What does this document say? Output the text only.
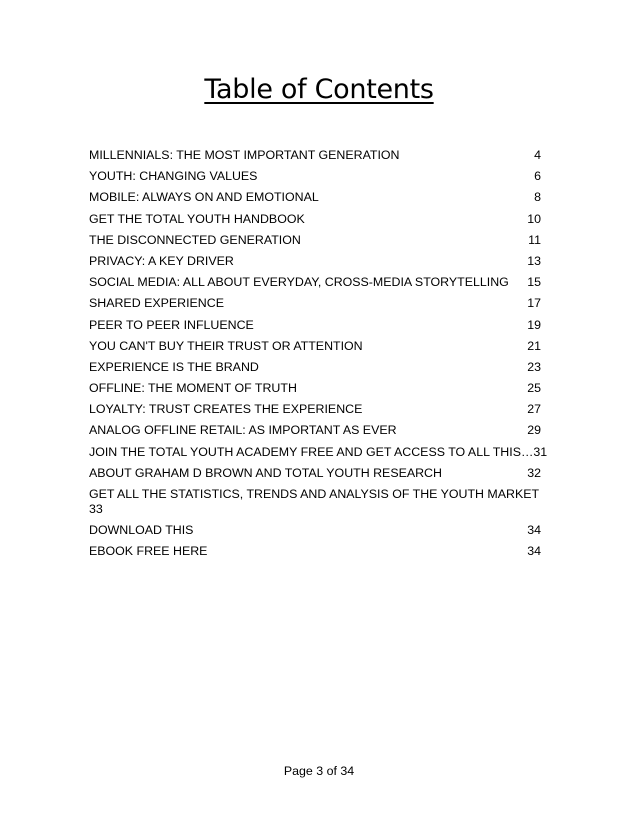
Table of Contents
MILLENNIALS: THE MOST IMPORTANT GENERATION	4
YOUTH: CHANGING VALUES	6
MOBILE: ALWAYS ON AND EMOTIONAL	8
GET THE TOTAL YOUTH HANDBOOK	10
THE DISCONNECTED GENERATION	11
PRIVACY: A KEY DRIVER	13
SOCIAL MEDIA: ALL ABOUT EVERYDAY, CROSS-MEDIA STORYTELLING 15
SHARED EXPERIENCE	17
PEER TO PEER INFLUENCE	19
YOU CAN'T BUY THEIR TRUST OR ATTENTION	21
EXPERIENCE IS THE BRAND	23
OFFLINE: THE MOMENT OF TRUTH	25
LOYALTY: TRUST CREATES THE EXPERIENCE	27
ANALOG OFFLINE RETAIL: AS IMPORTANT AS EVER	29
JOIN THE TOTAL YOUTH ACADEMY FREE AND GET ACCESS TO ALL THIS… 31
ABOUT GRAHAM D BROWN AND TOTAL YOUTH RESEARCH	32
GET ALL THE STATISTICS, TRENDS AND ANALYSIS OF THE YOUTH MARKET
33
DOWNLOAD THIS	34
EBOOK FREE HERE	34
Page 3 of 34
